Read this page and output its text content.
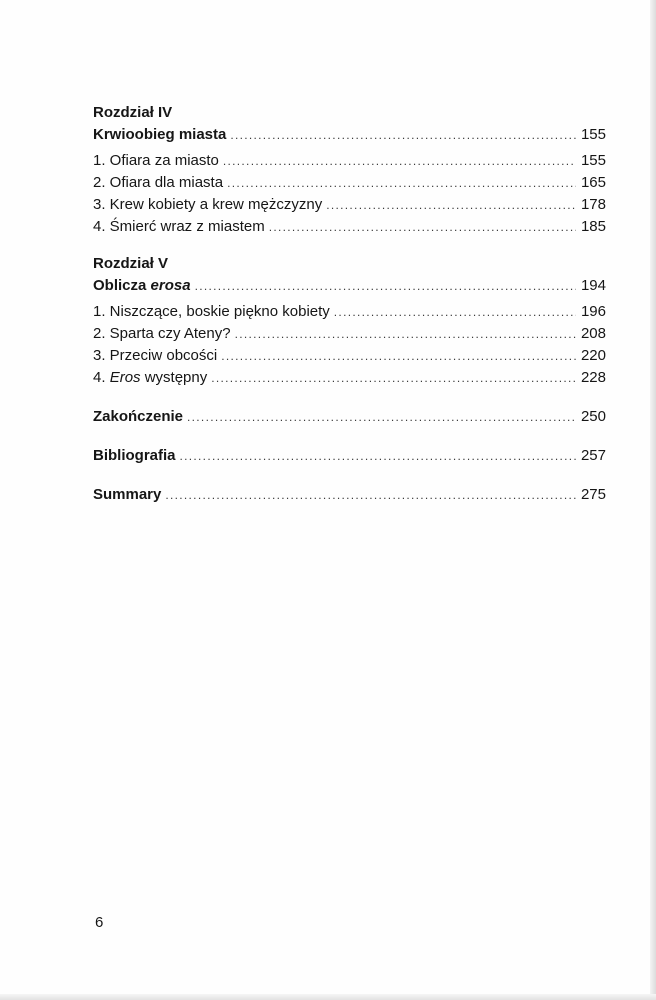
Rozdział IV
Krwioobieg miasta .....	155
1. Ofiara za miasto .....	155
2. Ofiara dla miasta .....	165
3. Krew kobiety a krew mężczyzny .....	178
4. Śmierć wraz z miastem .....	185
Rozdział V
Oblicza erosa .....	194
1. Niszczące, boskie piękno kobiety .....	196
2. Sparta czy Ateny? .....	208
3. Przeciw obcości .....	220
4. Eros występny .....	228
Zakończenie .....	250
Bibliografia .....	257
Summary .....	275
6
